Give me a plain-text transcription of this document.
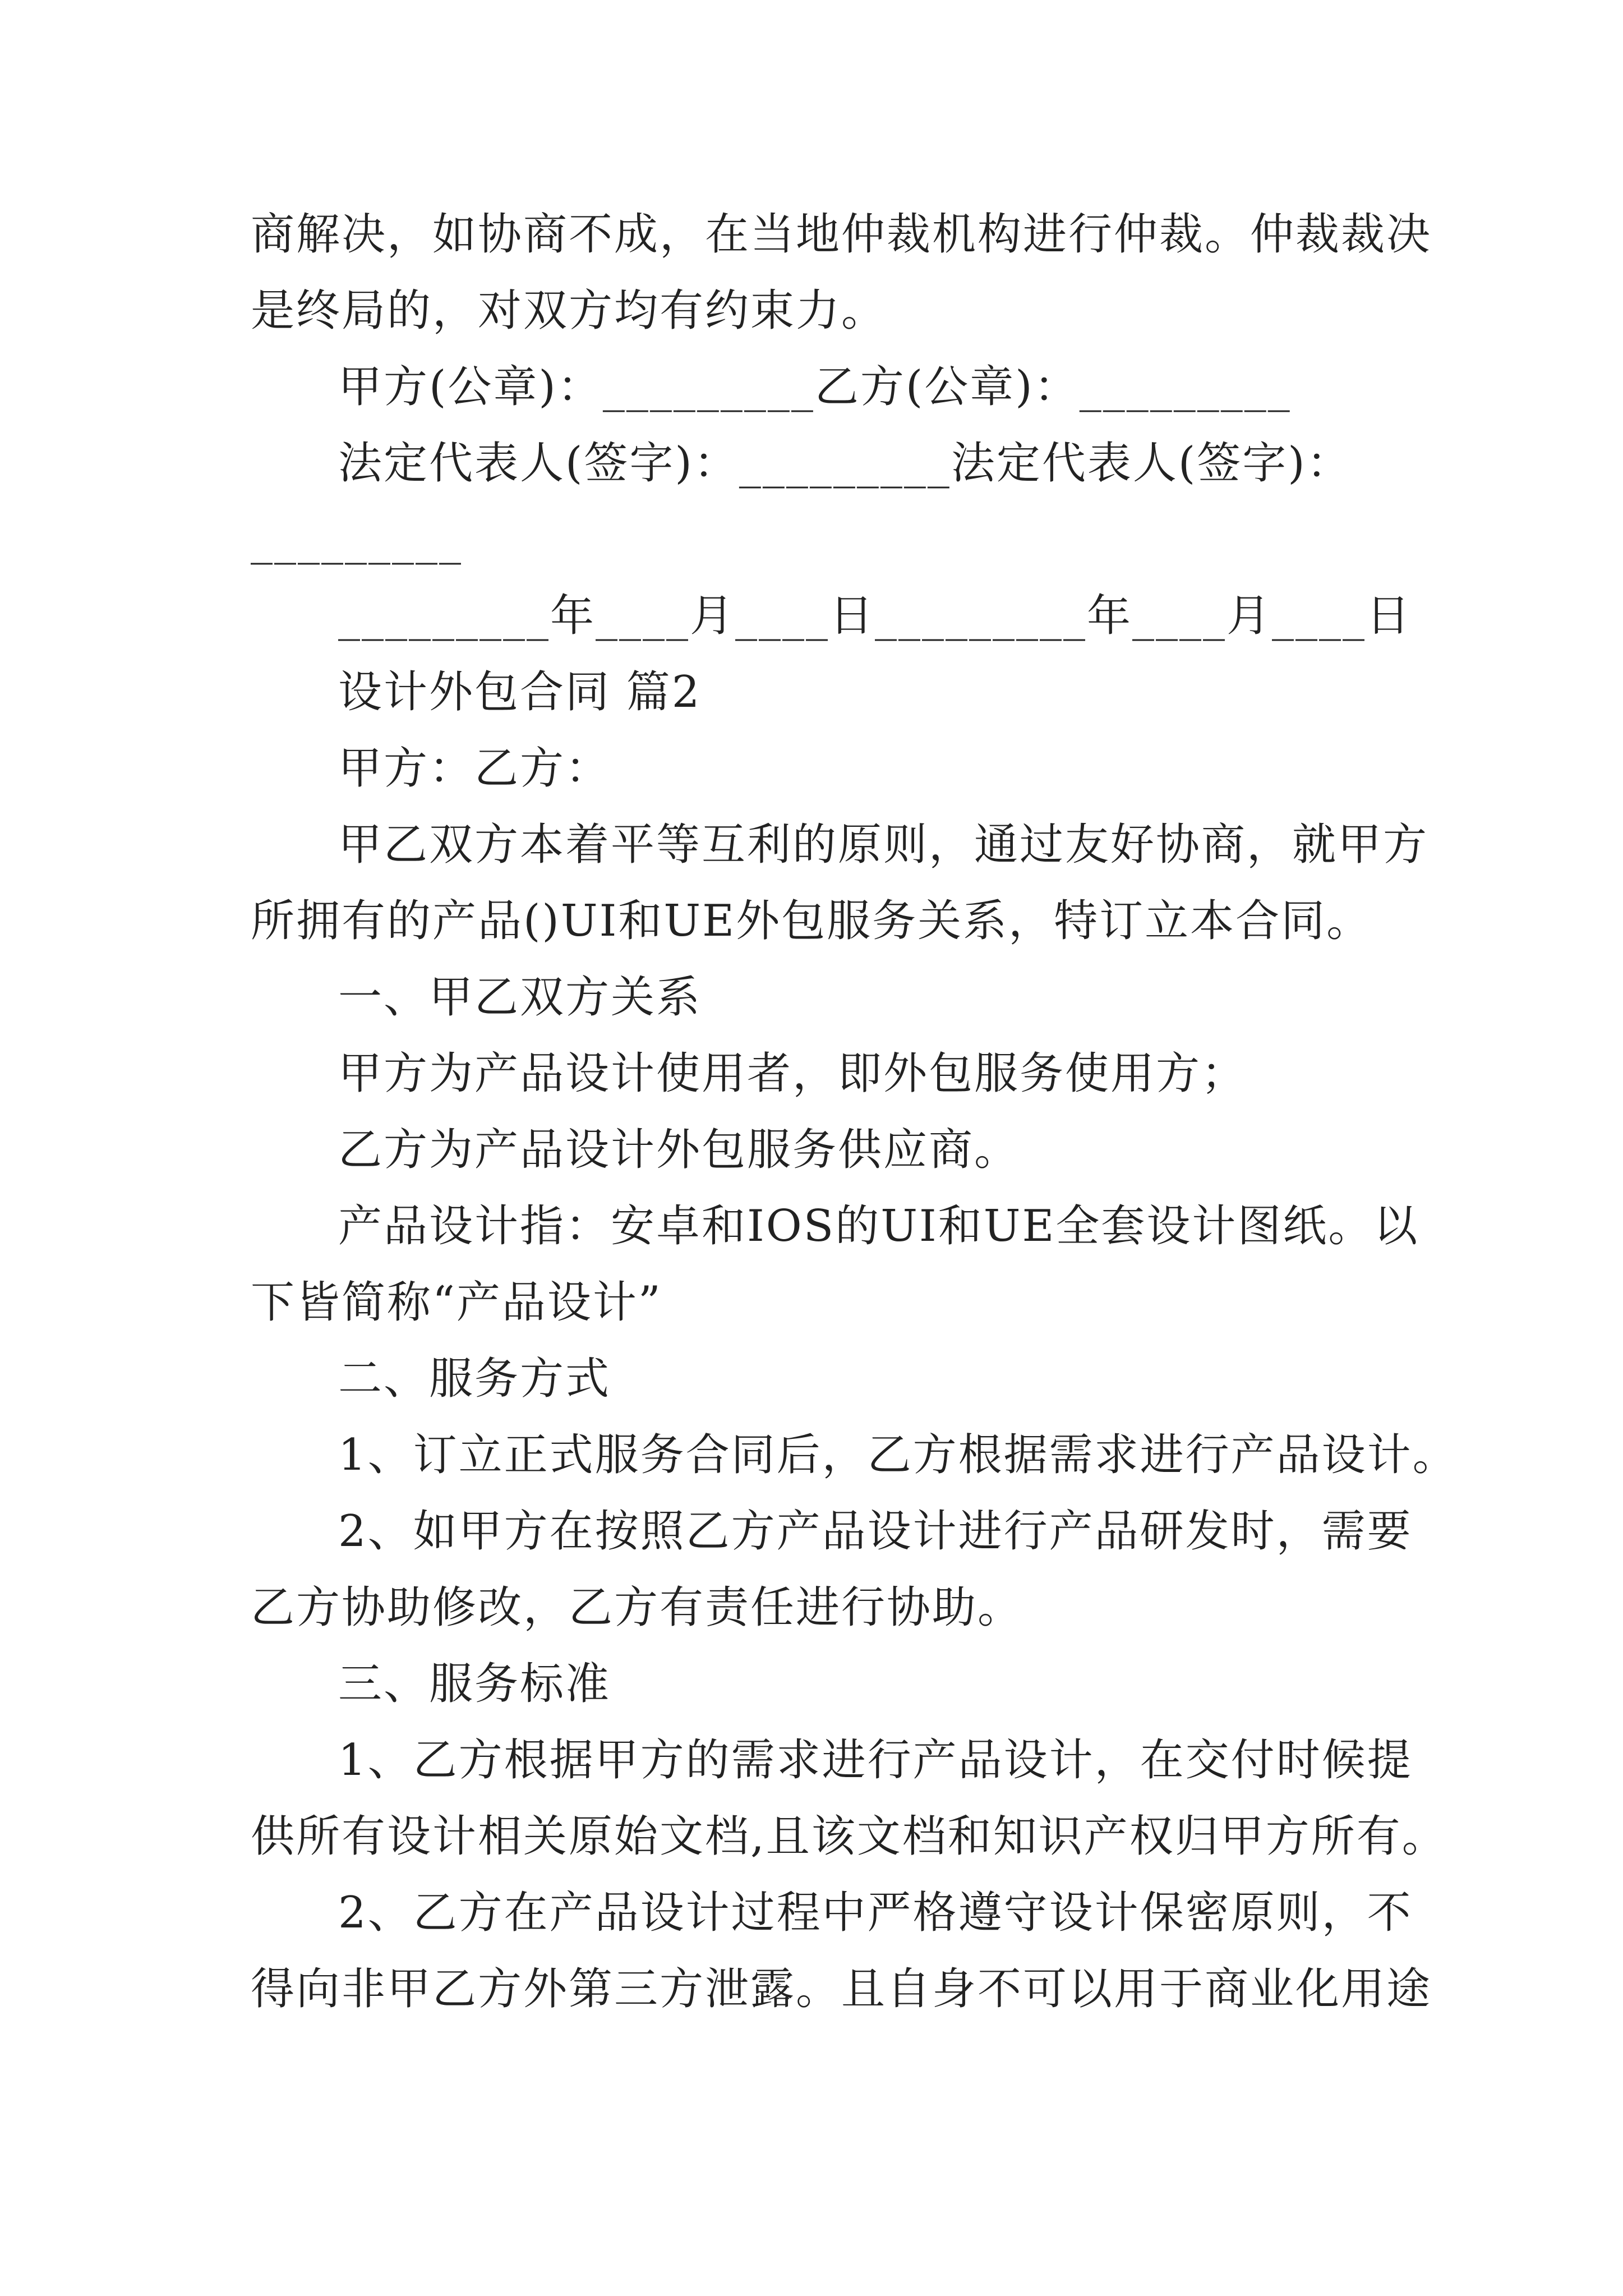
商解决，如协商不成，在当地仲裁机构进行仲裁。仲裁裁决

是终局的，对双方均有约束力。

甲方(公章)：_________乙方(公章)：_________

法定代表人(签字)：_________法定代表人(签字)：

_________

_________年____月____日_________年____月____日

设计外包合同 篇2

甲方：乙方：

甲乙双方本着平等互利的原则，通过友好协商，就甲方

所拥有的产品()UI和UE外包服务关系，特订立本合同。

一、甲乙双方关系

甲方为产品设计使用者，即外包服务使用方；

乙方为产品设计外包服务供应商。

产品设计指：安卓和IOS的UI和UE全套设计图纸。以

下皆简称“产品设计”

二、服务方式

1、订立正式服务合同后，乙方根据需求进行产品设计。

2、如甲方在按照乙方产品设计进行产品研发时，需要

乙方协助修改，乙方有责任进行协助。

三、服务标准

1、乙方根据甲方的需求进行产品设计，在交付时候提

供所有设计相关原始文档,且该文档和知识产权归甲方所有。

2、乙方在产品设计过程中严格遵守设计保密原则，不

得向非甲乙方外第三方泄露。且自身不可以用于商业化用途
